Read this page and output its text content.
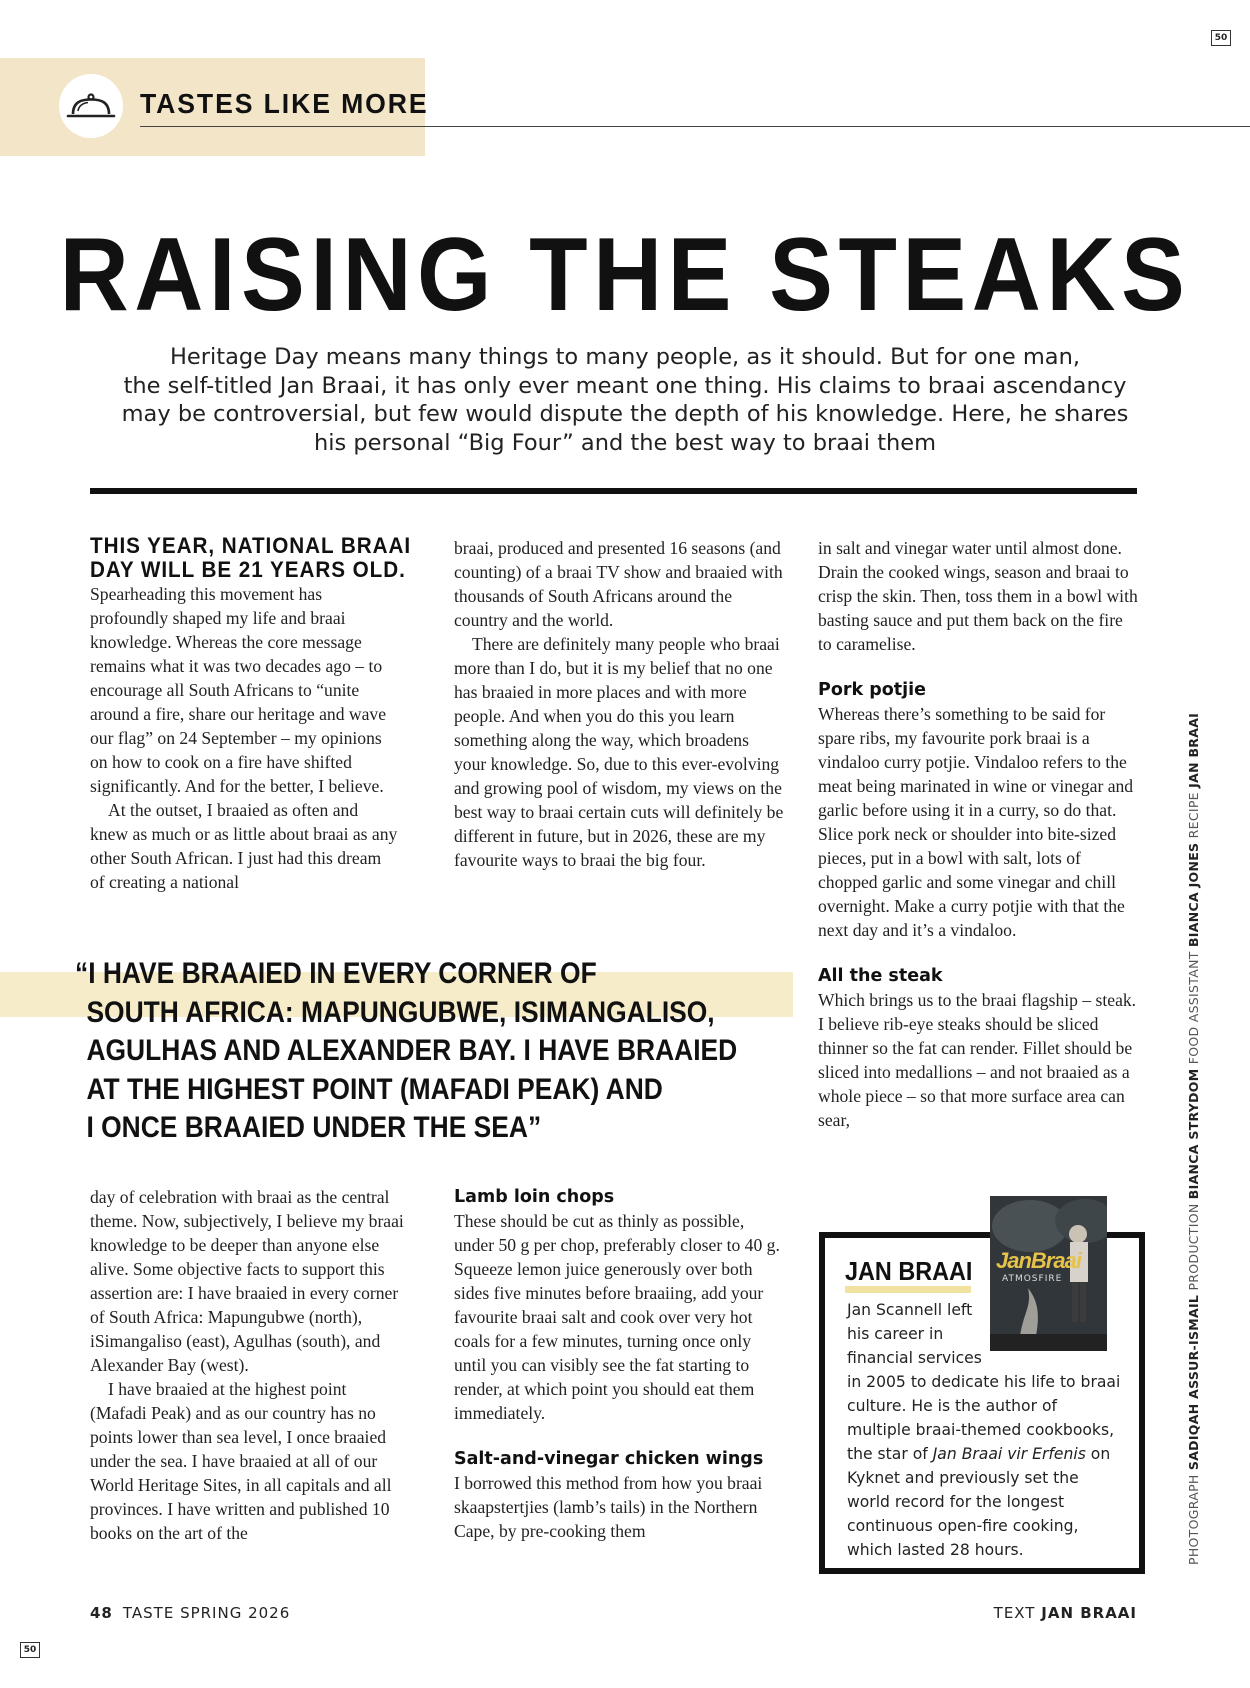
50
TASTES LIKE MORE
RAISING THE STEAKS
Heritage Day means many things to many people, as it should. But for one man,
the self-titled Jan Braai, it has only ever meant one thing. His claims to braai ascendancy
may be controversial, but few would dispute the depth of his knowledge. Here, he shares
his personal “Big Four” and the best way to braai them

THIS YEAR, NATIONAL BRAAI

DAY WILL BE 21 YEARS OLD.

Spearheading this movement has profoundly shaped my life and braai knowledge. Whereas the core message remains what it was two decades ago – to encourage all South Africans to “unite around a fire, share our heritage and wave our flag” on 24 September – my opinions on how to cook on a fire have shifted significantly. And for the better, I believe.

At the outset, I braaied as often and knew as much or as little about braai as any other South African. I just had this dream of creating a national

braai, produced and presented 16 seasons (and counting) of a braai TV show and braaied with thousands of South Africans around the country and the world.

There are definitely many people who braai more than I do, but it is my belief that no one has braaied in more places and with more people. And when you do this you learn something along the way, which broadens your knowledge. So, due to this ever-evolving and growing pool of wisdom, my views on the best way to braai certain cuts will definitely be different in future, but in 2026, these are my favourite ways to braai the big four.

in salt and vinegar water until almost done. Drain the cooked wings, season and braai to crisp the skin. Then, toss them in a bowl with basting sauce and put them back on the fire to caramelise.

Pork potjie

Whereas there’s something to be said for spare ribs, my favourite pork braai is a vindaloo curry potjie. Vindaloo refers to the meat being marinated in wine or vinegar and garlic before using it in a curry, so do that. Slice pork neck or shoulder into bite-sized pieces, put in a bowl with salt, lots of chopped garlic and some vinegar and chill overnight. Make a curry potjie with that the next day and it’s a vindaloo.

All the steak

Which brings us to the braai flagship – steak. I believe rib-eye steaks should be sliced thinner so the fat can render. Fillet should be sliced into medallions – and not braaied as a whole piece – so that more surface area can sear,

“I HAVE BRAAIED IN EVERY CORNER OF
SOUTH AFRICA: MAPUNGUBWE, ISIMANGALISO,
AGULHAS AND ALEXANDER BAY. I HAVE BRAAIED
AT THE HIGHEST POINT (MAFADI PEAK) AND
I ONCE BRAAIED UNDER THE SEA”

day of celebration with braai as the central theme. Now, subjectively, I believe my braai knowledge to be deeper than anyone else alive. Some objective facts to support this assertion are: I have braaied in every corner of South Africa: Mapungubwe (north), iSimangaliso (east), Agulhas (south), and Alexander Bay (west).

I have braaied at the highest point (Mafadi Peak) and as our country has no points lower than sea level, I once braaied under the sea. I have braaied at all of our World Heritage Sites, in all capitals and all provinces. I have written and published 10 books on the art of the

Lamb loin chops

These should be cut as thinly as possible, under 50 g per chop, preferably closer to 40 g. Squeeze lemon juice generously over both sides five minutes before braaiing, add your favourite braai salt and cook over very hot coals for a few minutes, turning once only until you can visibly see the fat starting to render, at which point you should eat them immediately.

Salt-and-vinegar chicken wings

I borrowed this method from how you braai skaapstertjies (lamb’s tails) in the Northern Cape, by pre-cooking them

JanBraai
ATMOSFIRE
JAN BRAAI
Jan Scannell left
his career in
financial services
in 2005 to dedicate his life to braai culture. He is the author of multiple braai-themed cookbooks, the star of Jan Braai vir Erfenis on Kyknet and previously set the world record for the longest continuous open-fire cooking, which lasted 28 hours.	PHOTOGRAPH SADIQAH ASSUR-ISMAIL PRODUCTION BIANCA STRYDOM FOOD ASSISTANT BIANCA JONES RECIPE JAN BRAAI
48 TASTE SPRING 2026	TEXT JAN BRAAI
50
